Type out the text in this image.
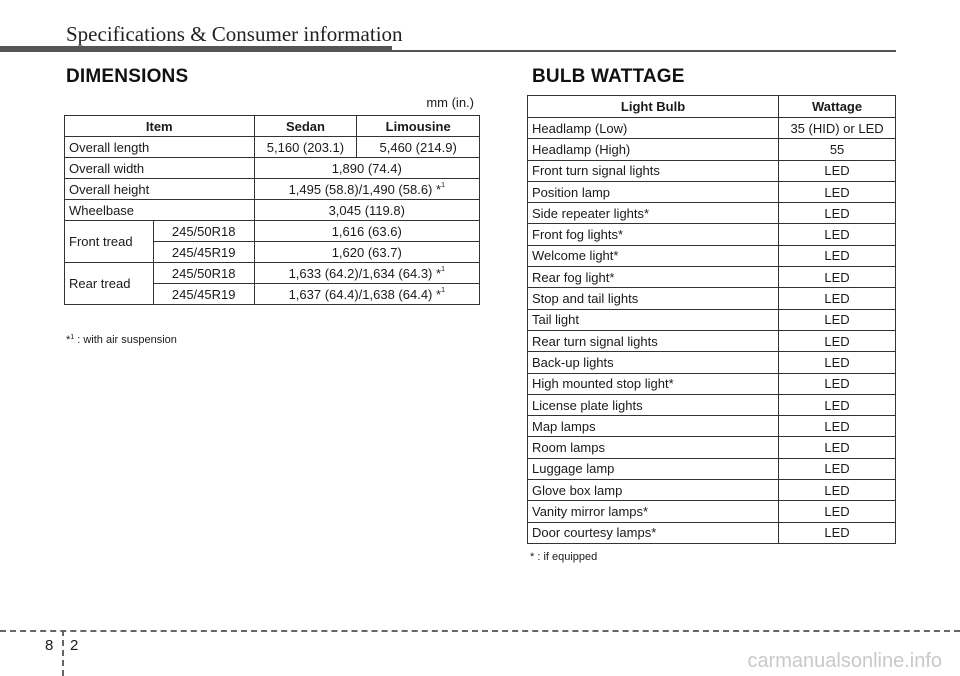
Specifications & Consumer information
DIMENSIONS
mm (in.)
Item		Sedan	Limousine
Overall length		5,160 (203.1)	5,460 (214.9)
Overall width		1,890 (74.4)	
Overall height		1,495 (58.8)/1,490 (58.6) *$^1$
Wheelbase		3,045 (119.8)	
Front tread	245/50R18	1,616 (63.6)	
	245/45R19	1,620 (63.7)	
Rear tread	245/50R18	1,633 (64.2)/1,634 (64.3) *$^1$
	245/45R19	1,637 (64.4)/1,638 (64.4) *$^1$
*$^1$ : with air suspension
BULB WATTAGE
Light Bulb	Wattage
Headlamp (Low)	35 (HID) or LED
Headlamp (High)	55
Front turn signal lights	LED
Position lamp	LED
Side repeater lights*	LED
Front fog lights*	LED
Welcome light*	LED
Rear fog light*	LED
Stop and tail lights	LED
Tail light	LED
Rear turn signal lights	LED
Back-up lights	LED
High mounted stop light*	LED
License plate lights	LED
Map lamps	LED
Room lamps	LED
Luggage lamp	LED
Glove box lamp	LED
Vanity mirror lamps*	LED
Door courtesy lamps*	LED
* : if equipped
8 2
carmanualsonline.info
